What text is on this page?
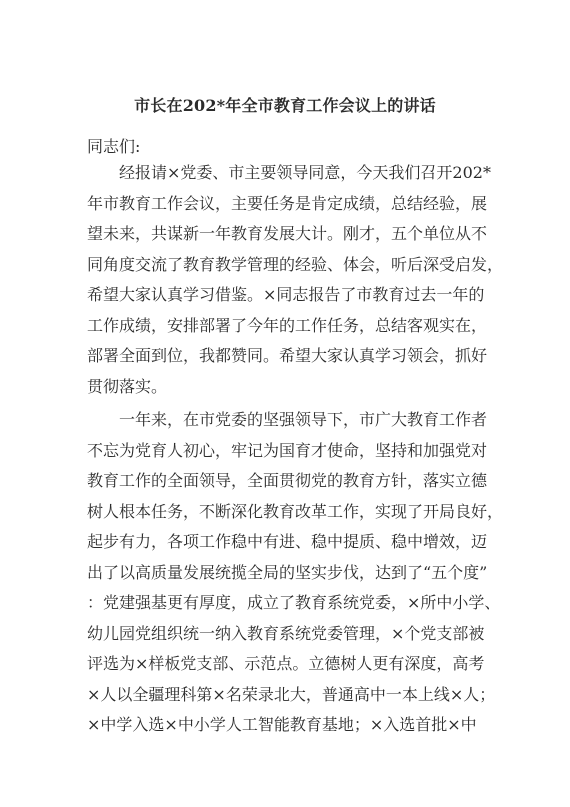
市长在202*年全市教育工作会议上的讲话
同志们:
经报请×党委、市主要领导同意，今天我们召开202*
年市教育工作会议，主要任务是肯定成绩，总结经验，展
望未来，共谋新一年教育发展大计。刚才，五个单位从不
同角度交流了教育教学管理的经验、体会，听后深受启发，
希望大家认真学习借鉴。×同志报告了市教育过去一年的
工作成绩，安排部署了今年的工作任务，总结客观实在，
部署全面到位，我都赞同。希望大家认真学习领会，抓好
贯彻落实。
一年来，在市党委的坚强领导下，市广大教育工作者
不忘为党育人初心，牢记为国育才使命，坚持和加强党对
教育工作的全面领导，全面贯彻党的教育方针，落实立德
树人根本任务，不断深化教育改革工作，实现了开局良好，
起步有力，各项工作稳中有进、稳中提质、稳中增效，迈
出了以高质量发展统揽全局的坚实步伐，达到了“五个度”
：党建强基更有厚度，成立了教育系统党委，×所中小学、
幼儿园党组织统一纳入教育系统党委管理，×个党支部被
评选为×样板党支部、示范点。立德树人更有深度，高考
×人以全疆理科第×名荣录北大，普通高中一本上线×人；
×中学入选×中小学人工智能教育基地；×入选首批×中
